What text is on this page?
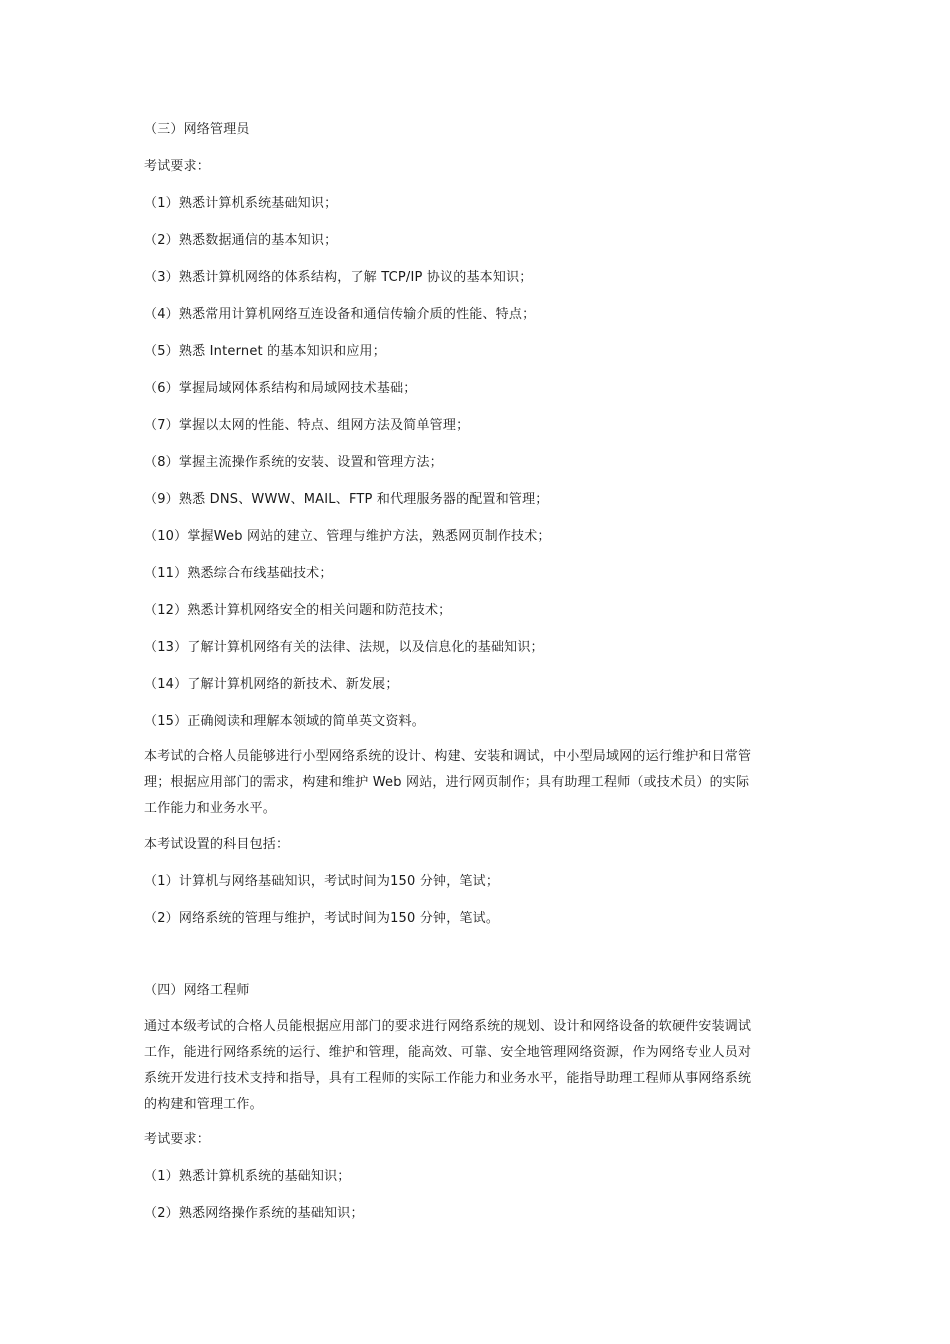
（三）网络管理员
考试要求：
（1）熟悉计算机系统基础知识；
（2）熟悉数据通信的基本知识；
（3）熟悉计算机网络的体系结构，了解 TCP/IP 协议的基本知识；
（4）熟悉常用计算机网络互连设备和通信传输介质的性能、特点；
（5）熟悉 Internet 的基本知识和应用；
（6）掌握局域网体系结构和局域网技术基础；
（7）掌握以太网的性能、特点、组网方法及简单管理；
（8）掌握主流操作系统的安装、设置和管理方法；
（9）熟悉 DNS、WWW、MAIL、FTP 和代理服务器的配置和管理；
（10）掌握Web 网站的建立、管理与维护方法，熟悉网页制作技术；
（11）熟悉综合布线基础技术；
（12）熟悉计算机网络安全的相关问题和防范技术；
（13）了解计算机网络有关的法律、法规，以及信息化的基础知识；
（14）了解计算机网络的新技术、新发展；
（15）正确阅读和理解本领域的简单英文资料。
本考试的合格人员能够进行小型网络系统的设计、构建、安装和调试，中小型局域网的运行维护和日常管
理；根据应用部门的需求，构建和维护 Web 网站，进行网页制作；具有助理工程师（或技术员）的实际
工作能力和业务水平。
本考试设置的科目包括：
（1）计算机与网络基础知识，考试时间为150 分钟，笔试；
（2）网络系统的管理与维护，考试时间为150 分钟，笔试。
（四）网络工程师
通过本级考试的合格人员能根据应用部门的要求进行网络系统的规划、设计和网络设备的软硬件安装调试
工作，能进行网络系统的运行、维护和管理，能高效、可靠、安全地管理网络资源，作为网络专业人员对
系统开发进行技术支持和指导，具有工程师的实际工作能力和业务水平，能指导助理工程师从事网络系统
的构建和管理工作。
考试要求：
（1）熟悉计算机系统的基础知识；
（2）熟悉网络操作系统的基础知识；
